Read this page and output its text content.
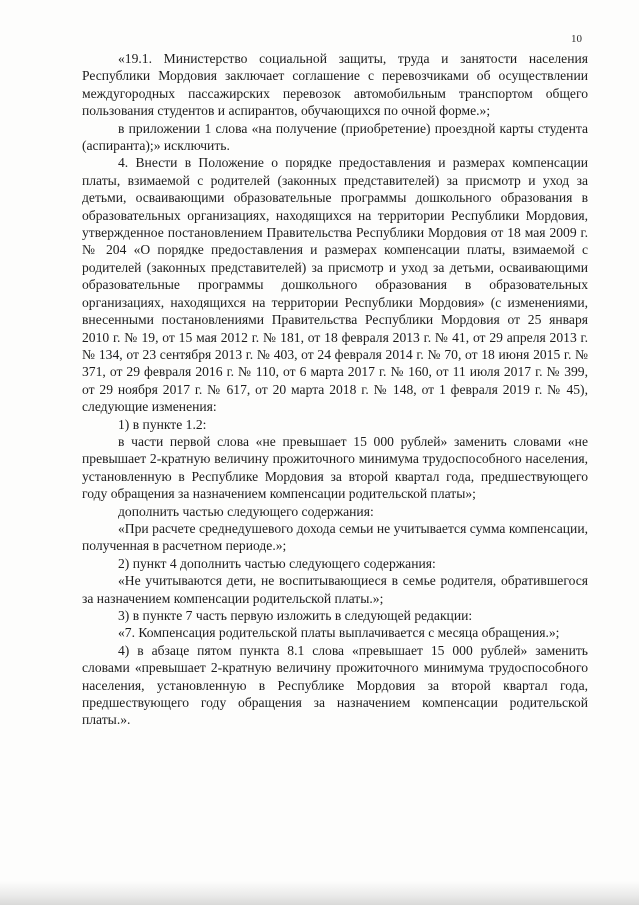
10

«19.1. Министерство социальной защиты, труда и занятости населения Республики Мордовия заключает соглашение с перевозчиками об осуществлении междугородных пассажирских перевозок автомобильным транспортом общего пользования студентов и аспирантов, обучающихся по очной форме.»;

в приложении 1 слова «на получение (приобретение) проездной карты студента (аспиранта);» исключить.

4. Внести в Положение о порядке предоставления и размерах компенсации платы, взимаемой с родителей (законных представителей) за присмотр и уход за детьми, осваивающими образовательные программы дошкольного образования в образовательных организациях, находящихся на территории Республики Мордовия, утвержденное постановлением Правительства Республики Мордовия от 18 мая 2009 г. № 204 «О порядке предоставления и размерах компенсации платы, взимаемой с родителей (законных представителей) за присмотр и уход за детьми, осваивающими образовательные программы дошкольного образования в образовательных организациях, находящихся на территории Республики Мордовия» (с изменениями, внесенными постановлениями Правительства Республики Мордовия от 25 января 2010 г. № 19, от 15 мая 2012 г. № 181, от 18 февраля 2013 г. № 41, от 29 апреля 2013 г. № 134, от 23 сентября 2013 г. № 403, от 24 февраля 2014 г. № 70, от 18 июня 2015 г. № 371, от 29 февраля 2016 г. № 110, от 6 марта 2017 г. № 160, от 11 июля 2017 г. № 399, от 29 ноября 2017 г. № 617, от 20 марта 2018 г. № 148, от 1 февраля 2019 г. № 45), следующие изменения:

1) в пункте 1.2:

в части первой слова «не превышает 15 000 рублей» заменить словами «не превышает 2-кратную величину прожиточного минимума трудоспособного населения, установленную в Республике Мордовия за второй квартал года, предшествующего году обращения за назначением компенсации родительской платы»;

дополнить частью следующего содержания:

«При расчете среднедушевого дохода семьи не учитывается сумма компенсации, полученная в расчетном периоде.»;

2) пункт 4 дополнить частью следующего содержания:

«Не учитываются дети, не воспитывающиеся в семье родителя, обратившегося за назначением компенсации родительской платы.»;

3) в пункте 7 часть первую изложить в следующей редакции:

«7. Компенсация родительской платы выплачивается с месяца обращения.»;

4) в абзаце пятом пункта 8.1 слова «превышает 15 000 рублей» заменить словами «превышает 2-кратную величину прожиточного минимума трудоспособного населения, установленную в Республике Мордовия за второй квартал года, предшествующего году обращения за назначением компенсации родительской платы.».
